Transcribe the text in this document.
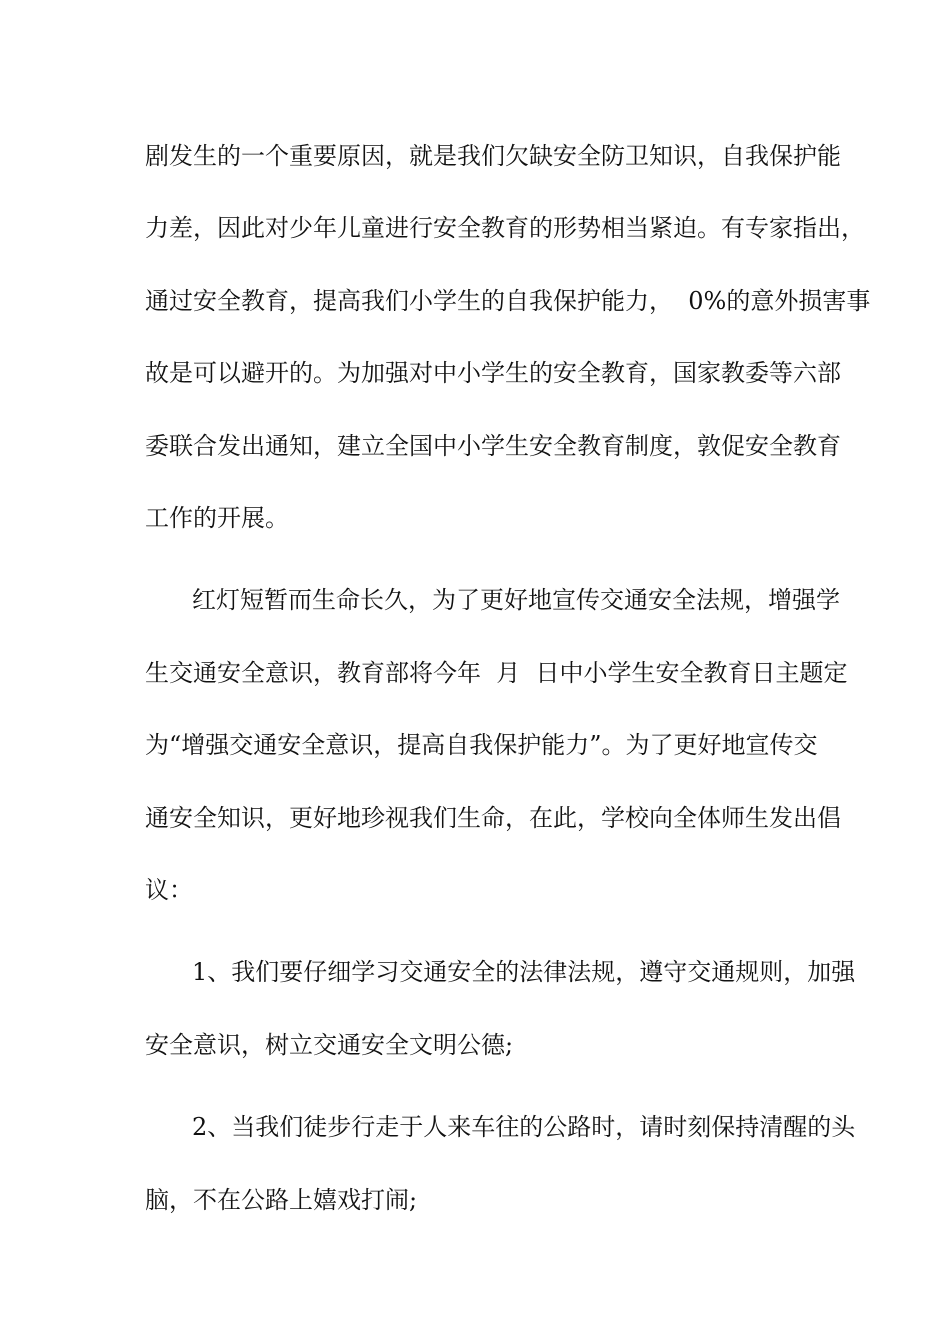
剧发生的一个重要原因，就是我们欠缺安全防卫知识，自我保护能
力差，因此对少年儿童进行安全教育的形势相当紧迫。有专家指出，
通过安全教育，提高我们小学生的自我保护能力，  0%的意外损害事
故是可以避开的。为加强对中小学生的安全教育，国家教委等六部
委联合发出通知，建立全国中小学生安全教育制度，敦促安全教育
工作的开展。
红灯短暂而生命长久，为了更好地宣传交通安全法规，增强学
生交通安全意识，教育部将今年  月  日中小学生安全教育日主题定
为“增强交通安全意识，提高自我保护能力”。为了更好地宣传交
通安全知识，更好地珍视我们生命，在此，学校向全体师生发出倡
议：
1、我们要仔细学习交通安全的法律法规，遵守交通规则，加强
安全意识，树立交通安全文明公德;
2、当我们徒步行走于人来车往的公路时，请时刻保持清醒的头
脑，不在公路上嬉戏打闹;
